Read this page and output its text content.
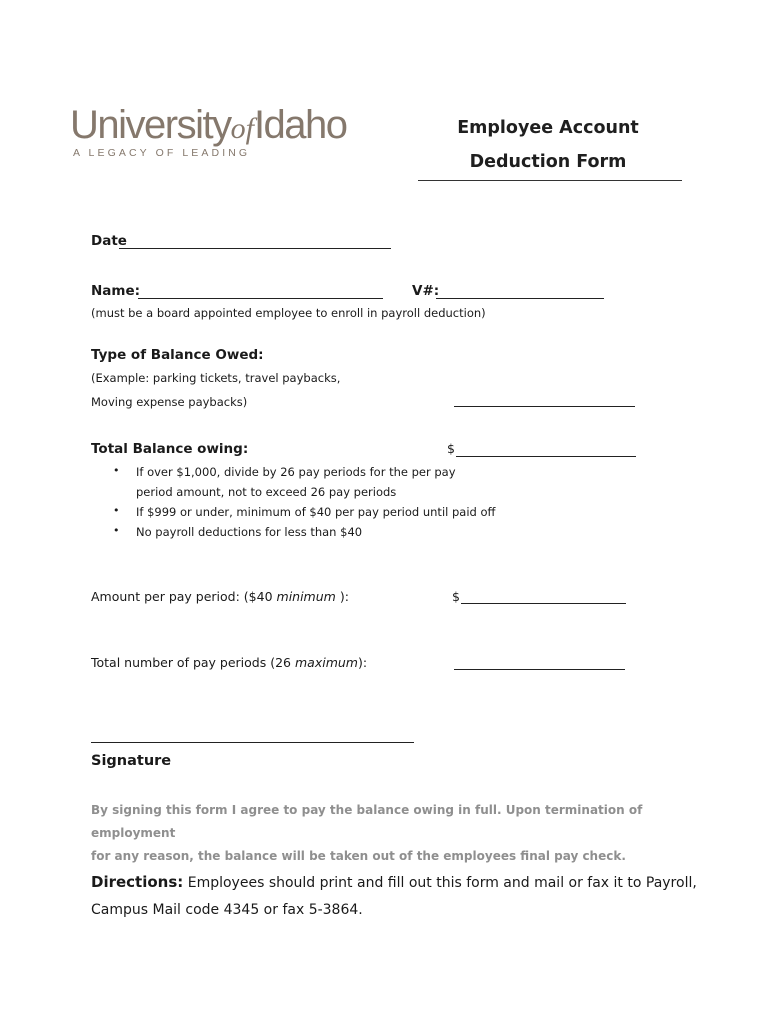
UniversityofIdaho
A LEGACY OF LEADING
Employee Account
Deduction Form
Date
Name:	V#:
(must be a board appointed employee to enroll in payroll deduction)
Type of Balance Owed:
(Example: parking tickets, travel paybacks,
Moving expense paybacks)
Total Balance owing:	$
• If over $1,000, divide by 26 pay periods for the per pay
period amount, not to exceed 26 pay periods
• If $999 or under, minimum of $40 per pay period until paid off
• No payroll deductions for less than $40
Amount per pay period: ($40 minimum ):	$
Total number of pay periods (26 maximum):
Signature
By signing this form I agree to pay the balance owing in full. Upon termination of employment
for any reason, the balance will be taken out of the employees final pay check.
Directions: Employees should print and fill out this form and mail or fax it to Payroll,
Campus Mail code 4345 or fax 5-3864.
